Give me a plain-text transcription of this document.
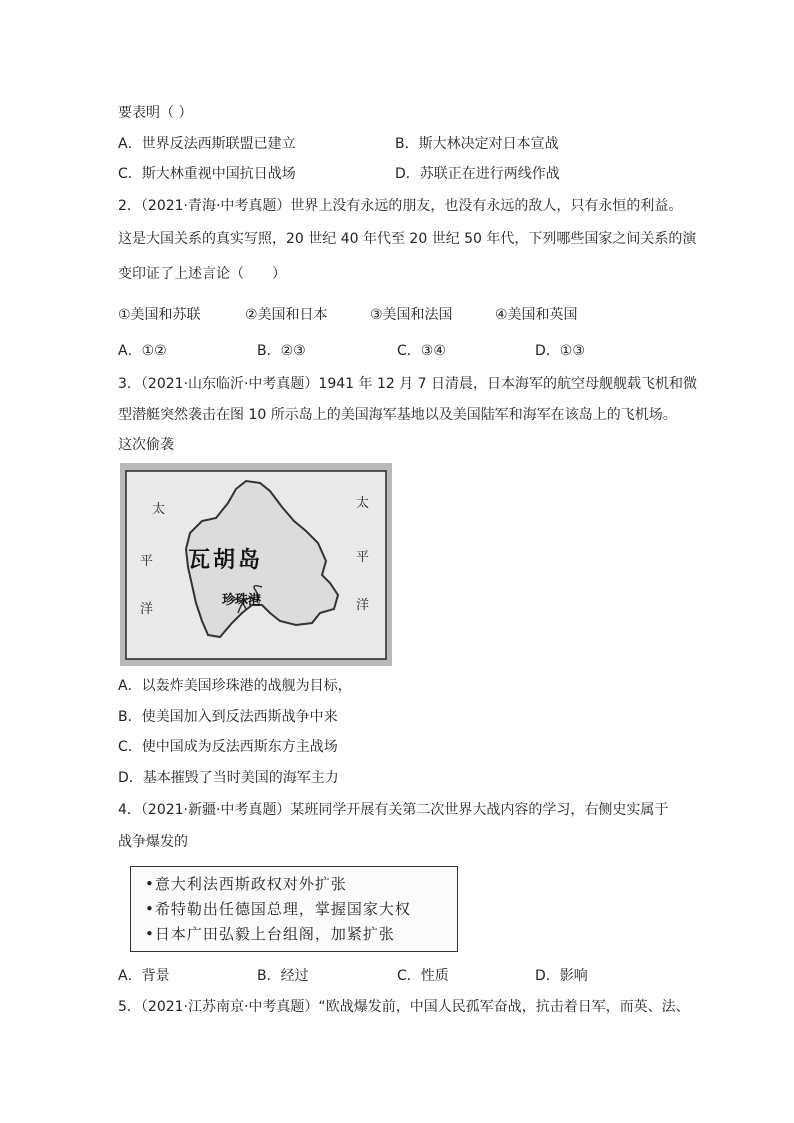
要表明（ ）
A．世界反法西斯联盟已建立	B．斯大林决定对日本宣战
C．斯大林重视中国抗日战场	D．苏联正在进行两线作战
2．（2021·青海·中考真题）世界上没有永远的朋友，也没有永远的敌人，只有永恒的利益。
这是大国关系的真实写照，20 世纪 40 年代至 20 世纪 50 年代，下列哪些国家之间关系的演
变印证了上述言论（　　）
①美国和苏联	②美国和日本	③美国和法国	④美国和英国
A．①②	B．②③	C．③④	D．①③
3．（2021·山东临沂·中考真题）1941 年 12 月 7 日清晨，日本海军的航空母舰舰载飞机和微
型潜艇突然袭击在图 10 所示岛上的美国海军基地以及美国陆军和海军在该岛上的飞机场。
这次偷袭
太
平
洋
太
平
洋
瓦胡岛
珍珠港
A．以轰炸美国珍珠港的战舰为目标，
B．使美国加入到反法西斯战争中来
C．使中国成为反法西斯东方主战场
D．基本摧毁了当时美国的海军主力
4．（2021·新疆·中考真题）某班同学开展有关第二次世界大战内容的学习，右侧史实属于
战争爆发的
•意大利法西斯政权对外扩张
•希特勒出任德国总理，掌握国家大权
•日本广田弘毅上台组阁，加紧扩张
A．背景	B．经过	C．性质	D．影响
5．（2021·江苏南京·中考真题）“欧战爆发前，中国人民孤军奋战，抗击着日军，而英、法、
